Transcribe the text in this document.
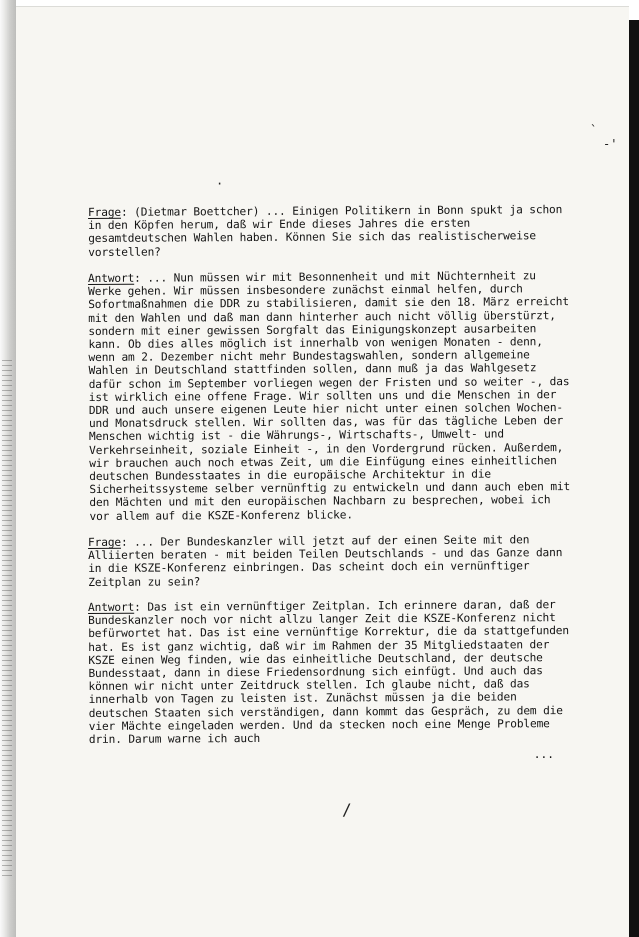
·
`
-'
/

Frage: (Dietmar Boettcher) ... Einigen Politikern in Bonn spukt ja schon in den Köpfen herum, daß wir Ende dieses Jahres die ersten gesamtdeutschen Wahlen haben. Können Sie sich das realistischerweise vorstellen?

Antwort: ... Nun müssen wir mit Besonnenheit und mit Nüchternheit zu Werke gehen. Wir müssen insbesondere zunächst einmal helfen, durch Sofortmaßnahmen die DDR zu stabilisieren, damit sie den 18. März erreicht mit den Wahlen und daß man dann hinterher auch nicht völlig überstürzt, sondern mit einer gewissen Sorgfalt das Einigungskonzept ausarbeiten kann. Ob dies alles möglich ist innerhalb von wenigen Monaten - denn, wenn am 2. Dezember nicht mehr Bundestagswahlen, sondern allgemeine Wahlen in Deutschland stattfinden sollen, dann muß ja das Wahlgesetz dafür schon im September vorliegen wegen der Fristen und so weiter -, das ist wirklich eine offene Frage. Wir sollten uns und die Menschen in der DDR und auch unsere eigenen Leute hier nicht unter einen solchen Wochen- und Monatsdruck stellen. Wir sollten das, was für das tägliche Leben der Menschen wichtig ist - die Währungs-, Wirtschafts-, Umwelt- und Verkehrseinheit, soziale Einheit -, in den Vordergrund rücken. Außerdem, wir brauchen auch noch etwas Zeit, um die Einfügung eines einheitlichen deutschen Bundesstaates in die europäische Architektur in die Sicherheitssysteme selber vernünftig zu entwickeln und dann auch eben mit den Mächten und mit den europäischen Nachbarn zu besprechen, wobei ich vor allem auf die KSZE-Konferenz blicke.

Frage: ... Der Bundeskanzler will jetzt auf der einen Seite mit den Alliierten beraten - mit beiden Teilen Deutschlands - und das Ganze dann in die KSZE-Konferenz einbringen. Das scheint doch ein vernünftiger Zeitplan zu sein?

Antwort: Das ist ein vernünftiger Zeitplan. Ich erinnere daran, daß der Bundeskanzler noch vor nicht allzu langer Zeit die KSZE-Konferenz nicht befürwortet hat. Das ist eine vernünftige Korrektur, die da stattgefunden hat. Es ist ganz wichtig, daß wir im Rahmen der 35 Mitgliedstaaten der KSZE einen Weg finden, wie das einheitliche Deutschland, der deutsche Bundesstaat, dann in diese Friedensordnung sich einfügt. Und auch das können wir nicht unter Zeitdruck stellen. Ich glaube nicht, daß das innerhalb von Tagen zu leisten ist. Zunächst müssen ja die beiden deutschen Staaten sich verständigen, dann kommt das Gespräch, zu dem die vier Mächte eingeladen werden. Und da stecken noch eine Menge Probleme drin. Darum warne ich auch

...
